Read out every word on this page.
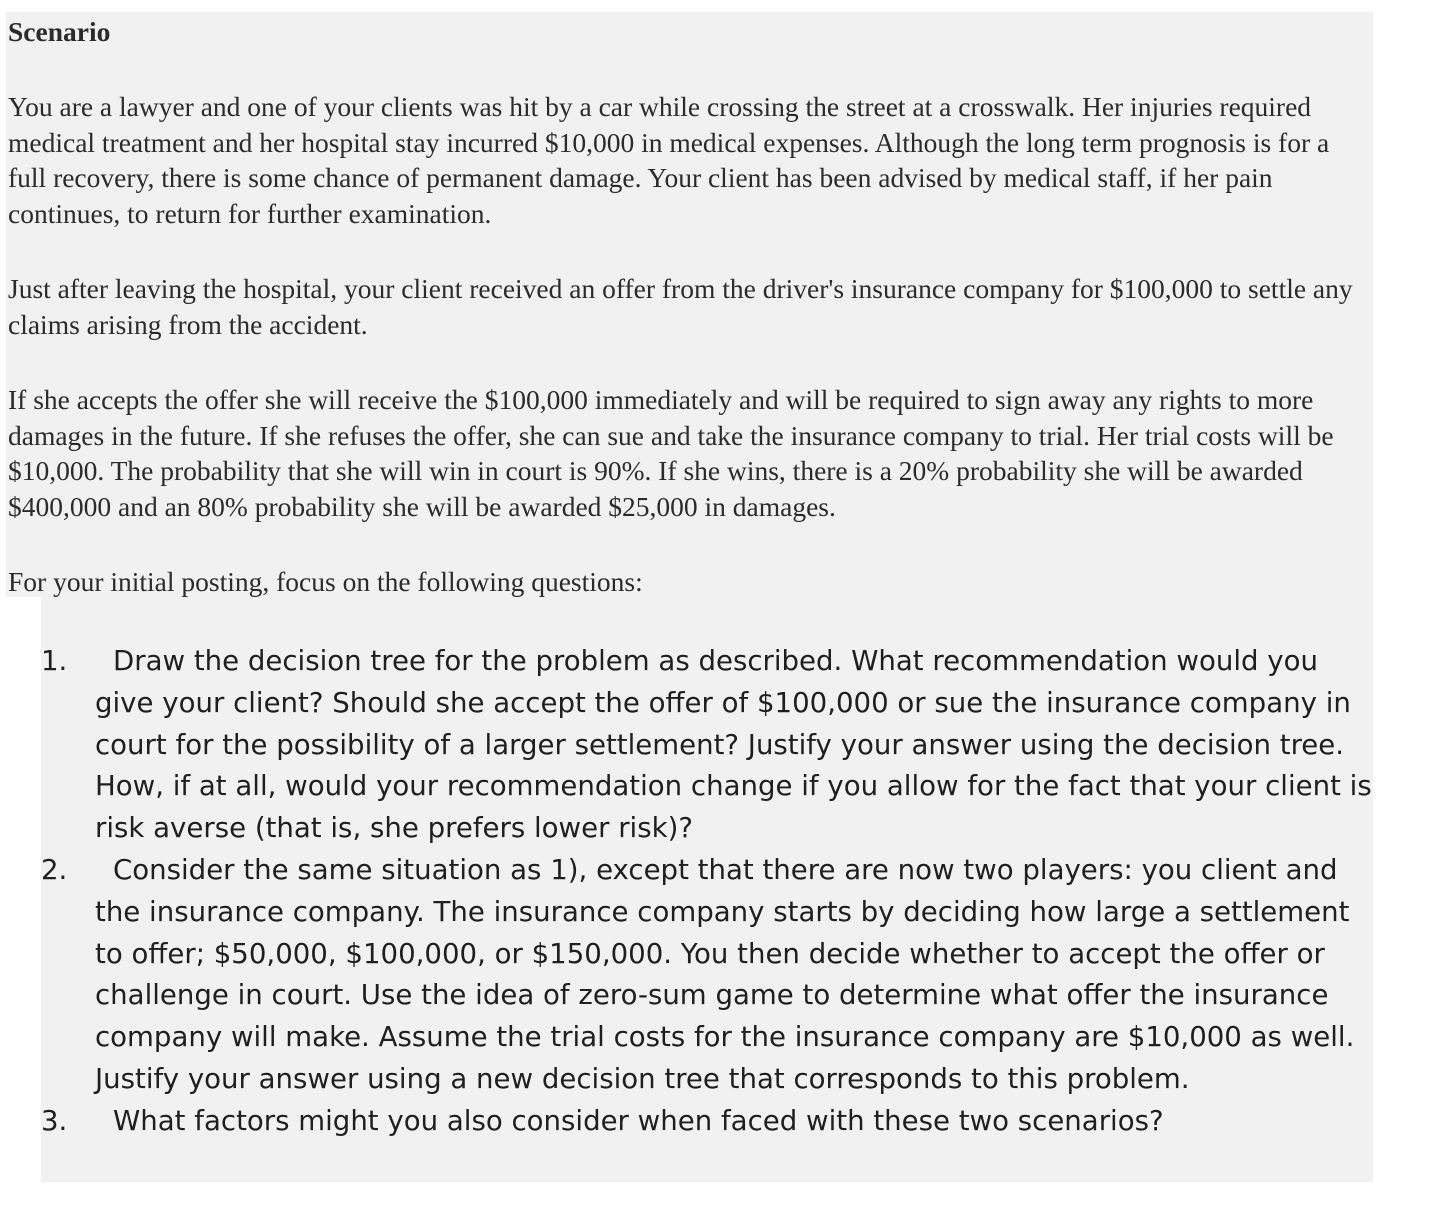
Scenario

You are a lawyer and one of your clients was hit by a car while crossing the street at a crosswalk. Her injuries required medical treatment and her hospital stay incurred $10,000 in medical expenses. Although the long term prognosis is for a full recovery, there is some chance of permanent damage. Your client has been advised by medical staff, if her pain continues, to return for further examination.

Just after leaving the hospital, your client received an offer from the driver's insurance company for $100,000 to settle any claims arising from the accident.

If she accepts the offer she will receive the $100,000 immediately and will be required to sign away any rights to more damages in the future. If she refuses the offer, she can sue and take the insurance company to trial. Her trial costs will be $10,000. The probability that she will win in court is 90%. If she wins, there is a 20% probability she will be awarded $400,000 and an 80% probability she will be awarded $25,000 in damages.

For your initial posting, focus on the following questions:

1.	Draw the decision tree for the problem as described. What recommendation would you give your client? Should she accept the offer of $100,000 or sue the insurance company in court for the possibility of a larger settlement? Justify your answer using the decision tree. How, if at all, would your recommendation change if you allow for the fact that your client is risk averse (that is, she prefers lower risk)?
2.	Consider the same situation as 1), except that there are now two players: you client and the insurance company. The insurance company starts by deciding how large a settlement to offer; $50,000, $100,000, or $150,000. You then decide whether to accept the offer or challenge in court. Use the idea of zero-sum game to determine what offer the insurance company will make. Assume the trial costs for the insurance company are $10,000 as well. Justify your answer using a new decision tree that corresponds to this problem.
3.	What factors might you also consider when faced with these two scenarios?
